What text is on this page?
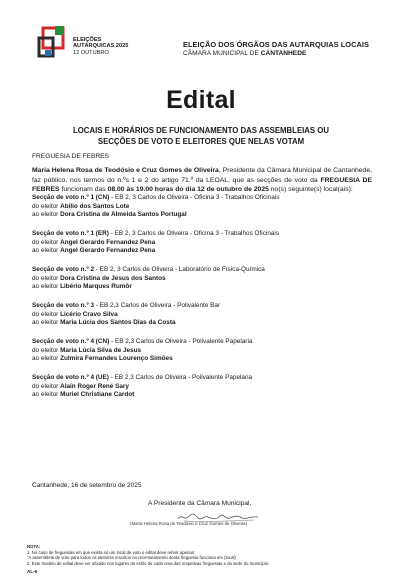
ELEIÇÕES
AUTÁRQUICAS 2025
12 OUTUBRO
ELEIÇÃO DOS ÓRGÃOS DAS AUTARQUIAS LOCAIS
CÂMARA MUNICIPAL DE CANTANHEDE
Edital
LOCAIS E HORÁRIOS DE FUNCIONAMENTO DAS ASSEMBLEIAS OU
SECÇÕES DE VOTO E ELEITORES QUE NELAS VOTAM
FREGUESIA DE FEBRES
Maria Helena Rosa de Teodósio e Cruz Gomes de Oliveira, Presidente da Câmara Municipal de Cantanhede, faz público, nos termos do n.ºs 1 e 2 do artigo 71.º da LEOAL, que as secções de voto da FREGUESIA DE FEBRES funcionam das 08.00 às 19.00 horas do dia 12 de outubro de 2025 no(s) seguinte(s) local(ais):
Secção de voto n.º 1 (CN) - EB 2, 3 Carlos de Oliveira - Oficina 3 - Trabalhos Oficinais
do eleitor Abílio dos Santos Lote
ao eleitor Dora Cristina de Almeida Santos Portugal
Secção de voto n.º 1 (ER) - EB 2, 3 Carlos de Oliveira - Oficina 3 - Trabalhos Oficinais
do eleitor Angel Gerardo Fernandez Pena
ao eleitor Angel Gerardo Fernandez Pena
Secção de voto n.º 2 - EB 2, 3 Carlos de Oliveira - Laboratório de Física-Química
do eleitor Dora Cristina de Jesus dos Santos
ao eleitor Libério Marques Rumôr
Secção de voto n.º 3 - EB 2,3 Carlos de Oliveira - Polivalente Bar
do eleitor Licério Cravo Silva
ao eleitor Maria Lúcia dos Santos Dias da Costa
Secção de voto n.º 4 (CN) - EB 2,3 Carlos de Oliveira - Polivalente Papelaria
do eleitor Maria Lúcia Silva de Jesus
ao eleitor Zulmira Fernandes Lourenço Simões
Secção de voto n.º 4 (UE) - EB 2,3 Carlos de Oliveira - Polivalente Papelaria
do eleitor Alain Roger René Sary
ao eleitor Muriel Christiane Cardot
Cantanhede, 16 de setembro de 2025
A Presidente da Câmara Municipal,
(Maria Helena Rosa de Teodósio e Cruz Gomes de Oliveira)
NOTA:
1. No caso de freguesias em que exista só um local de voto o edital deve referir apenas:
"A assembleia de voto para todos os eleitores inscritos no recenseamento desta freguesia funciona em (local)
2. Este modelo de edital deve ser afixado nos lugares de estilo de cada uma das respetivas freguesias e da sede do município.
AL-6
